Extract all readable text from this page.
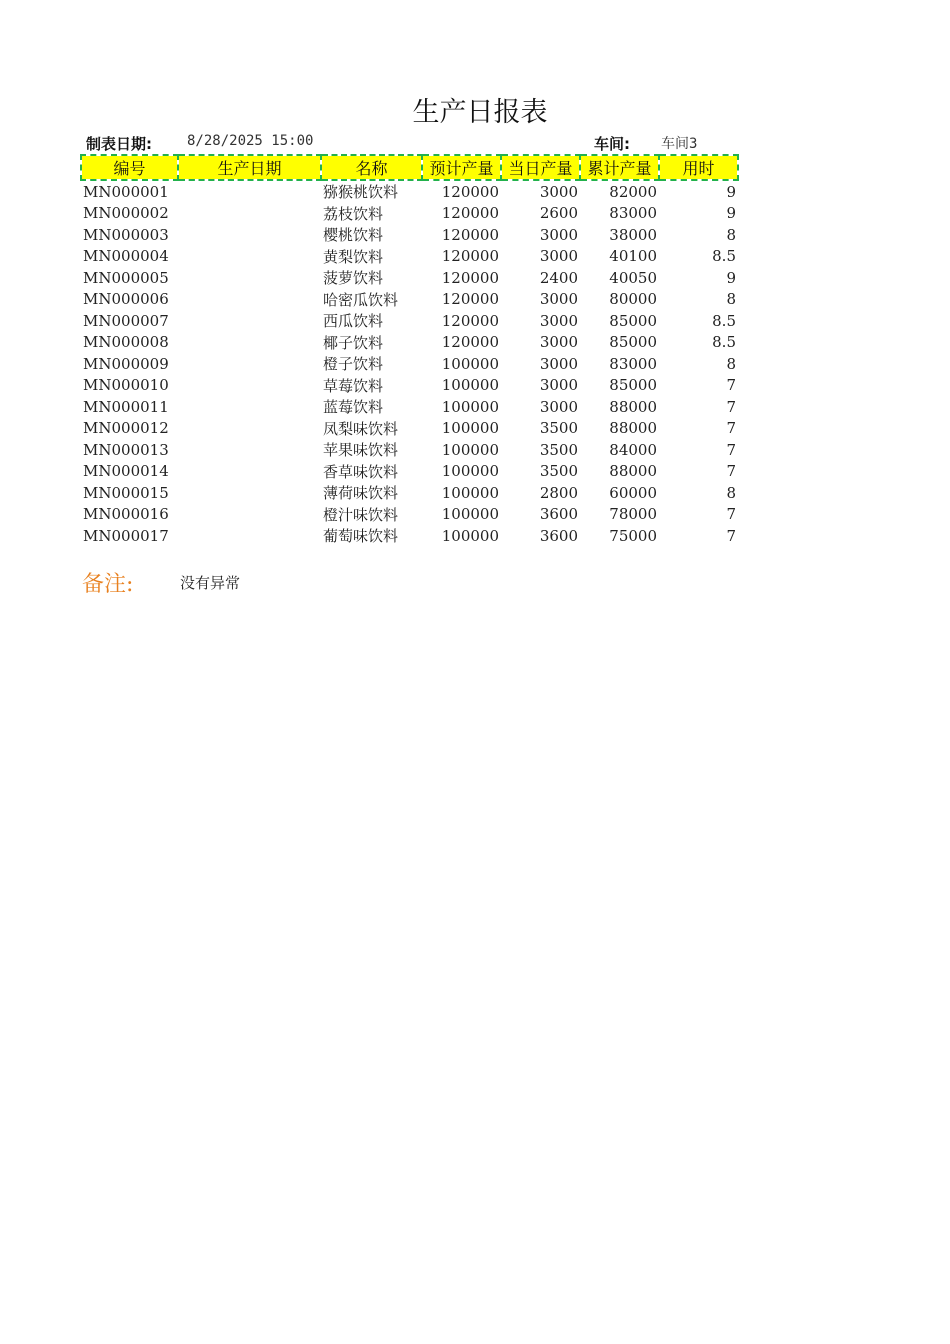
生产日报表
制表日期:	8/28/2025 15:00	车间: 车间3
编号	生产日期	名称	预计产量	当日产量	累计产量	用时
MN000001		猕猴桃饮料	120000	3000	82000	9
MN000002		荔枝饮料	120000	2600	83000	9
MN000003		樱桃饮料	120000	3000	38000	8
MN000004		黄梨饮料	120000	3000	40100	8.5
MN000005		菠萝饮料	120000	2400	40050	9
MN000006		哈密瓜饮料	120000	3000	80000	8
MN000007		西瓜饮料	120000	3000	85000	8.5
MN000008		椰子饮料	120000	3000	85000	8.5
MN000009		橙子饮料	100000	3000	83000	8
MN000010		草莓饮料	100000	3000	85000	7
MN000011		蓝莓饮料	100000	3000	88000	7
MN000012		凤梨味饮料	100000	3500	88000	7
MN000013		苹果味饮料	100000	3500	84000	7
MN000014		香草味饮料	100000	3500	88000	7
MN000015		薄荷味饮料	100000	2800	60000	8
MN000016		橙汁味饮料	100000	3600	78000	7
MN000017		葡萄味饮料	100000	3600	75000	7
备注:	没有异常
